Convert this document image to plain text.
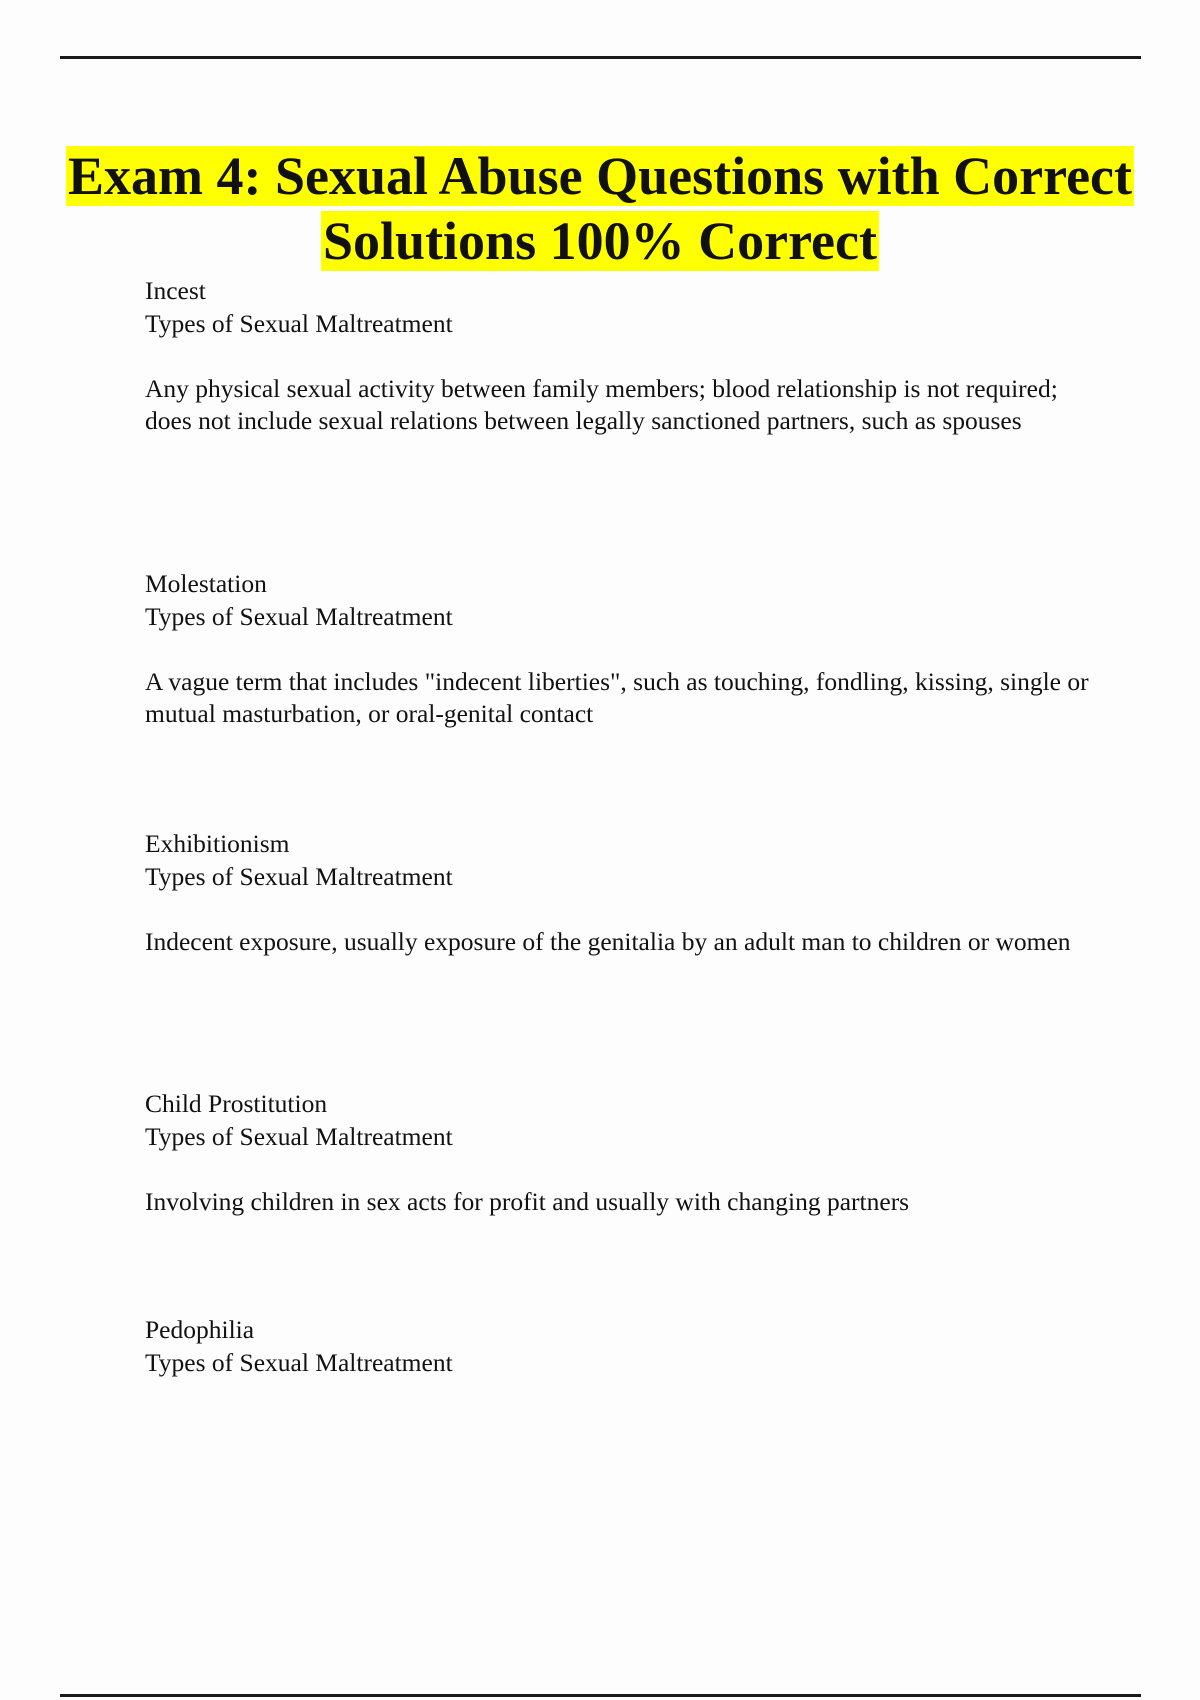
Exam 4: Sexual Abuse Questions with Correct Solutions 100% Correct

Incest

Types of Sexual Maltreatment

Any physical sexual activity between family members; blood relationship is not required; does not include sexual relations between legally sanctioned partners, such as spouses

Molestation

Types of Sexual Maltreatment

A vague term that includes "indecent liberties", such as touching, fondling, kissing, single or mutual masturbation, or oral-genital contact

Exhibitionism

Types of Sexual Maltreatment

Indecent exposure, usually exposure of the genitalia by an adult man to children or women

Child Prostitution

Types of Sexual Maltreatment

Involving children in sex acts for profit and usually with changing partners

Pedophilia

Types of Sexual Maltreatment
